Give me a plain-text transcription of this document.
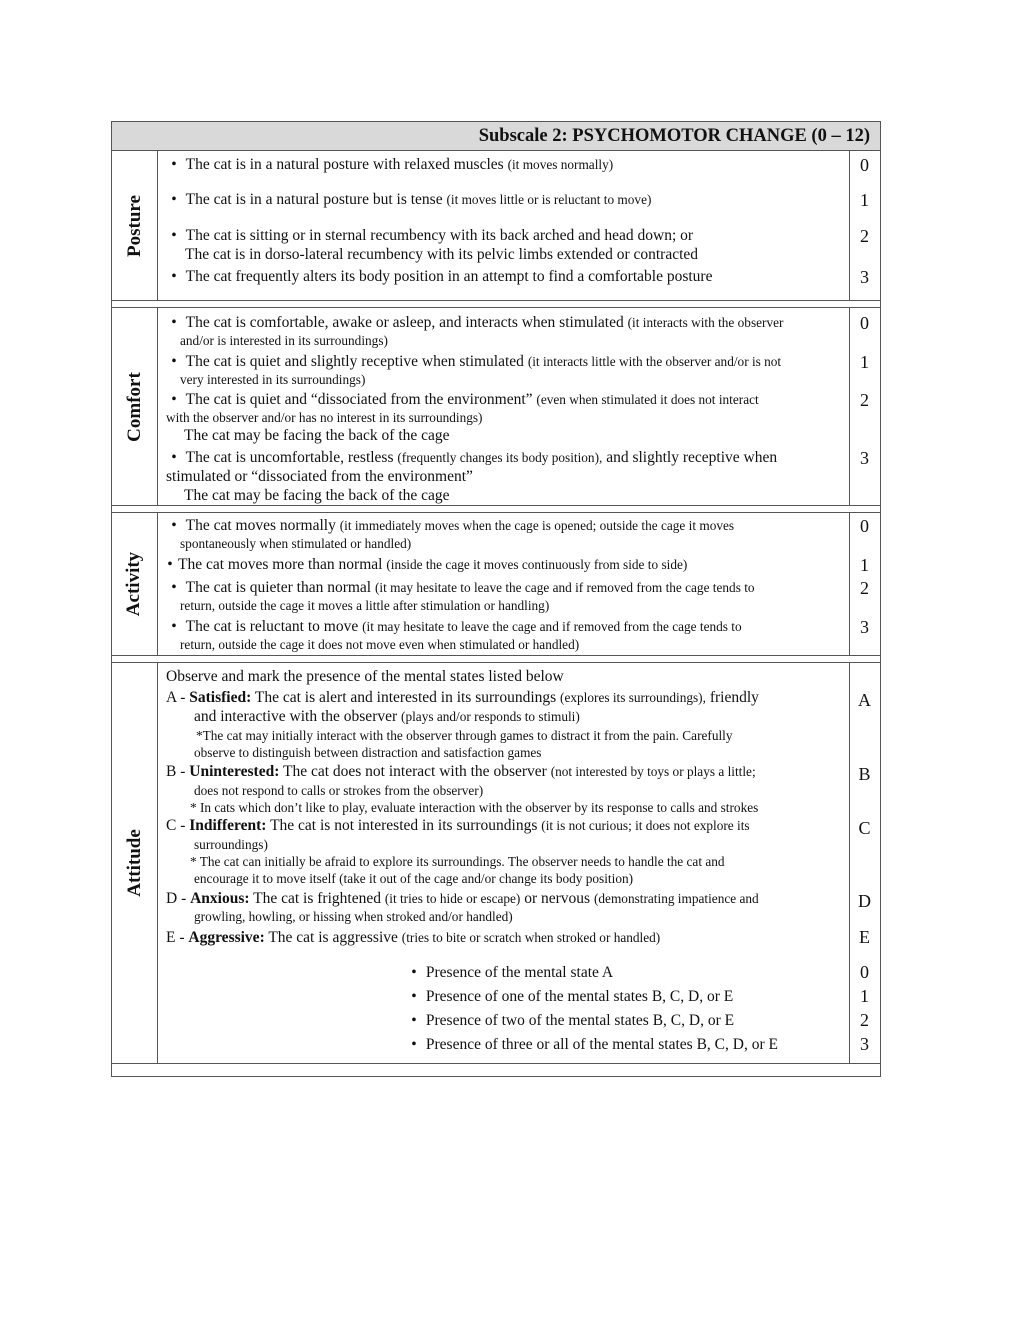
Subscale 2: PSYCHOMOTOR CHANGE (0 – 12)
Posture
• The cat is in a natural posture with relaxed muscles (it moves normally)
• The cat is in a natural posture but is tense (it moves little or is reluctant to move)
• The cat is sitting or in sternal recumbency with its back arched and head down; or
The cat is in dorso-lateral recumbency with its pelvic limbs extended or contracted
• The cat frequently alters its body position in an attempt to find a comfortable posture
0
1
2
3
Comfort
• The cat is comfortable, awake or asleep, and interacts when stimulated (it interacts with the observer
and/or is interested in its surroundings)
• The cat is quiet and slightly receptive when stimulated (it interacts little with the observer and/or is not
very interested in its surroundings)
• The cat is quiet and “dissociated from the environment” (even when stimulated it does not interact
with the observer and/or has no interest in its surroundings)
The cat may be facing the back of the cage
• The cat is uncomfortable, restless (frequently changes its body position), and slightly receptive when
stimulated or “dissociated from the environment”
The cat may be facing the back of the cage
0
1
2
3
Activity
• The cat moves normally (it immediately moves when the cage is opened; outside the cage it moves
spontaneously when stimulated or handled)
• The cat moves more than normal (inside the cage it moves continuously from side to side)
• The cat is quieter than normal (it may hesitate to leave the cage and if removed from the cage tends to
return, outside the cage it moves a little after stimulation or handling)
• The cat is reluctant to move (it may hesitate to leave the cage and if removed from the cage tends to
return, outside the cage it does not move even when stimulated or handled)
0
1
2
3
Attitude
Observe and mark the presence of the mental states listed below
A - Satisfied: The cat is alert and interested in its surroundings (explores its surroundings), friendly
and interactive with the observer (plays and/or responds to stimuli)
*The cat may initially interact with the observer through games to distract it from the pain. Carefully
observe to distinguish between distraction and satisfaction games
B - Uninterested: The cat does not interact with the observer (not interested by toys or plays a little;
does not respond to calls or strokes from the observer)
* In cats which don’t like to play, evaluate interaction with the observer by its response to calls and strokes
C - Indifferent: The cat is not interested in its surroundings (it is not curious; it does not explore its
surroundings)
* The cat can initially be afraid to explore its surroundings. The observer needs to handle the cat and
encourage it to move itself (take it out of the cage and/or change its body position)
D - Anxious: The cat is frightened (it tries to hide or escape) or nervous (demonstrating impatience and
growling, howling, or hissing when stroked and/or handled)
E - Aggressive: The cat is aggressive (tries to bite or scratch when stroked or handled)
• Presence of the mental state A
• Presence of one of the mental states B, C, D, or E
• Presence of two of the mental states B, C, D, or E
• Presence of three or all of the mental states B, C, D, or E
A
B
C
D
E
0
1
2
3
